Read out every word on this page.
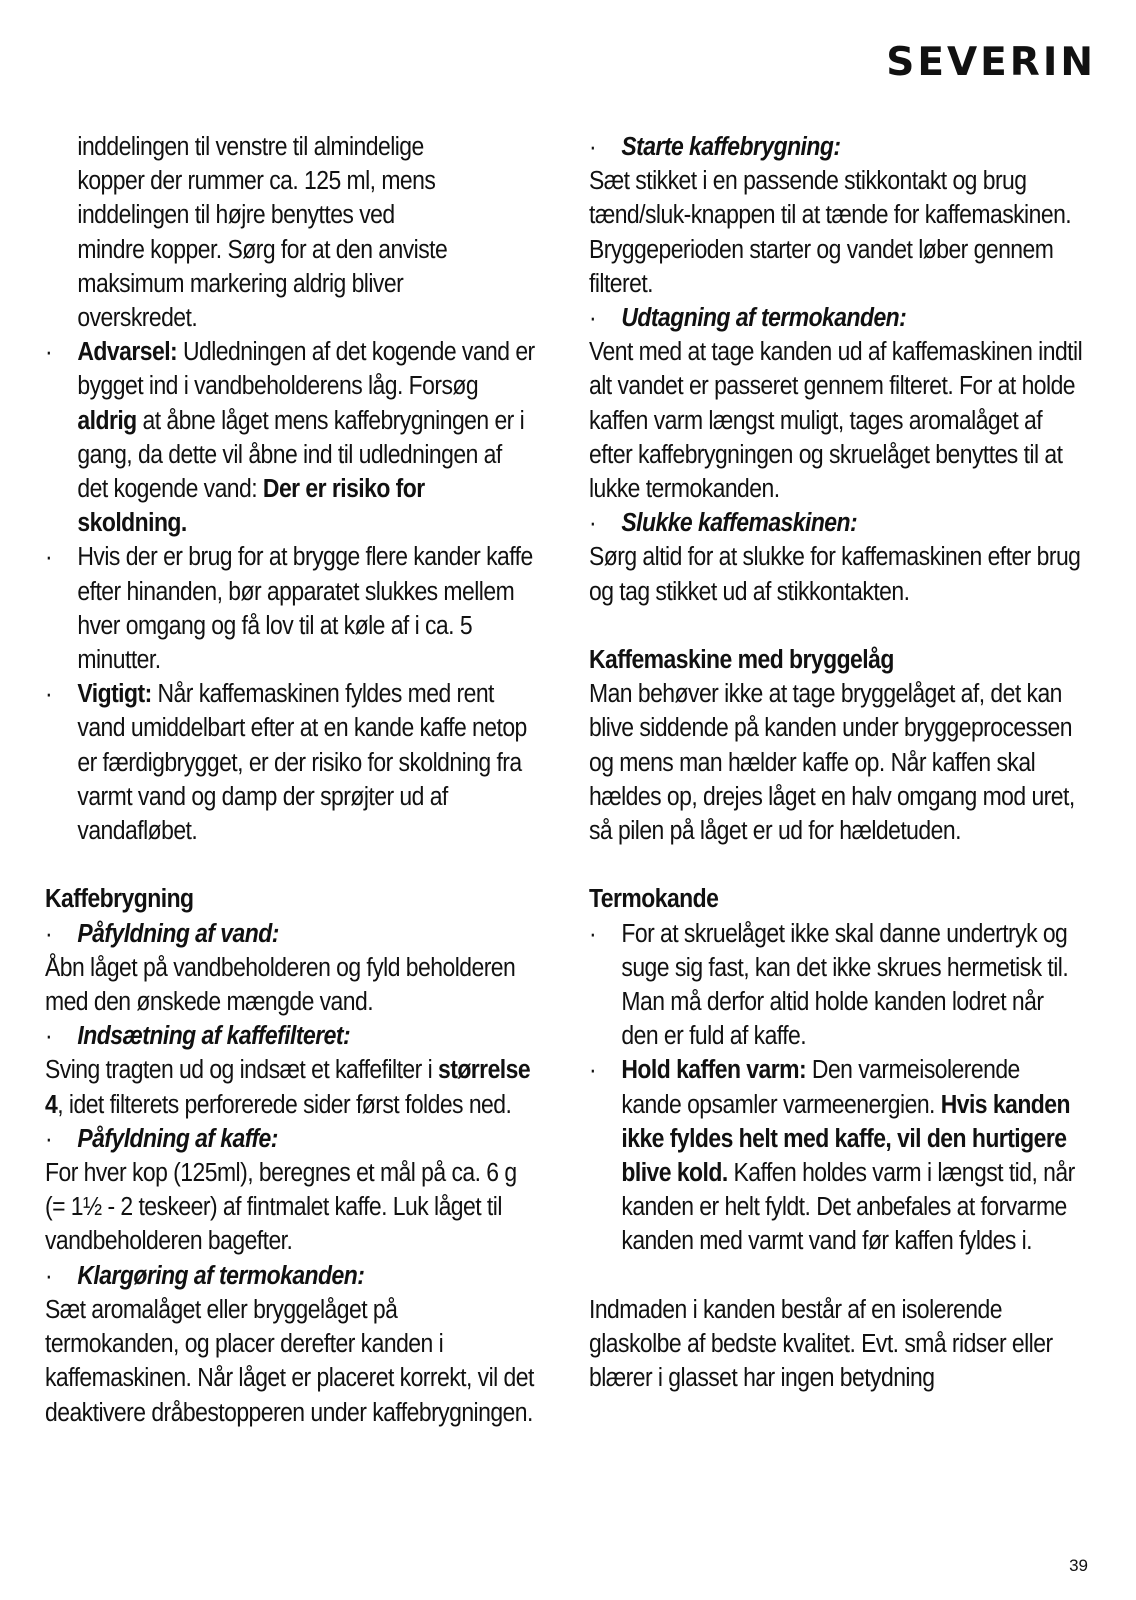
SEVERIN

inddelingen til venstre til almindelige

kopper der rummer ca. 125 ml, mens

inddelingen til højre benyttes ved

mindre kopper. Sørg for at den anviste

maksimum markering aldrig bliver

overskredet.

· Advarsel: Udledningen af det kogende vand er bygget ind i vandbeholderens låg. Forsøg aldrig at åbne låget mens kaffebrygningen er i gang, da dette vil åbne ind til udledningen af det kogende vand: Der er risiko for skoldning.

· Hvis der er brug for at brygge flere kander kaffe efter hinanden, bør apparatet slukkes mellem hver omgang og få lov til at køle af i ca. 5 minutter.

· Vigtigt: Når kaffemaskinen fyldes med rent vand umiddelbart efter at en kande kaffe netop er færdigbrygget, er der risiko for skoldning fra varmt vand og damp der sprøjter ud af vandafløbet.

Kaffebrygning

· Påfyldning af vand:

Åbn låget på vandbeholderen og fyld beholderen med den ønskede mængde vand.

· Indsætning af kaffefilteret:

Sving tragten ud og indsæt et kaffefilter i størrelse 4, idet filterets perforerede sider først foldes ned.

· Påfyldning af kaffe:

For hver kop (125ml), beregnes et mål på ca. 6 g (= 1½ - 2 teskeer) af fintmalet kaffe. Luk låget til vandbeholderen bagefter.

· Klargøring af termokanden:

Sæt aromalåget eller bryggelåget på termokanden, og placer derefter kanden i kaffemaskinen. Når låget er placeret korrekt, vil det deaktivere dråbestopperen under kaffebrygningen.

· Starte kaffebrygning:

Sæt stikket i en passende stikkontakt og brug tænd/sluk-knappen til at tænde for kaffemaskinen. Bryggeperioden starter og vandet løber gennem filteret.

· Udtagning af termokanden:

Vent med at tage kanden ud af kaffemaskinen indtil alt vandet er passeret gennem filteret. For at holde kaffen varm længst muligt, tages aromalåget af efter kaffebrygningen og skruelåget benyttes til at lukke termokanden.

· Slukke kaffemaskinen:

Sørg altid for at slukke for kaffemaskinen efter brug og tag stikket ud af stikkontakten.

Kaffemaskine med bryggelåg

Man behøver ikke at tage bryggelåget af, det kan blive siddende på kanden under bryggeprocessen og mens man hælder kaffe op. Når kaffen skal hældes op, drejes låget en halv omgang mod uret, så pilen på låget er ud for hældetuden.

Termokande

· For at skruelåget ikke skal danne undertryk og suge sig fast, kan det ikke skrues hermetisk til. Man må derfor altid holde kanden lodret når den er fuld af kaffe.

· Hold kaffen varm: Den varmeisolerende kande opsamler varmeenergien. Hvis kanden ikke fyldes helt med kaffe, vil den hurtigere blive kold. Kaffen holdes varm i længst tid, når kanden er helt fyldt. Det anbefales at forvarme kanden med varmt vand før kaffen fyldes i.

Indmaden i kanden består af en isolerende glaskolbe af bedste kvalitet. Evt. små ridser eller blærer i glasset har ingen betydning

39
